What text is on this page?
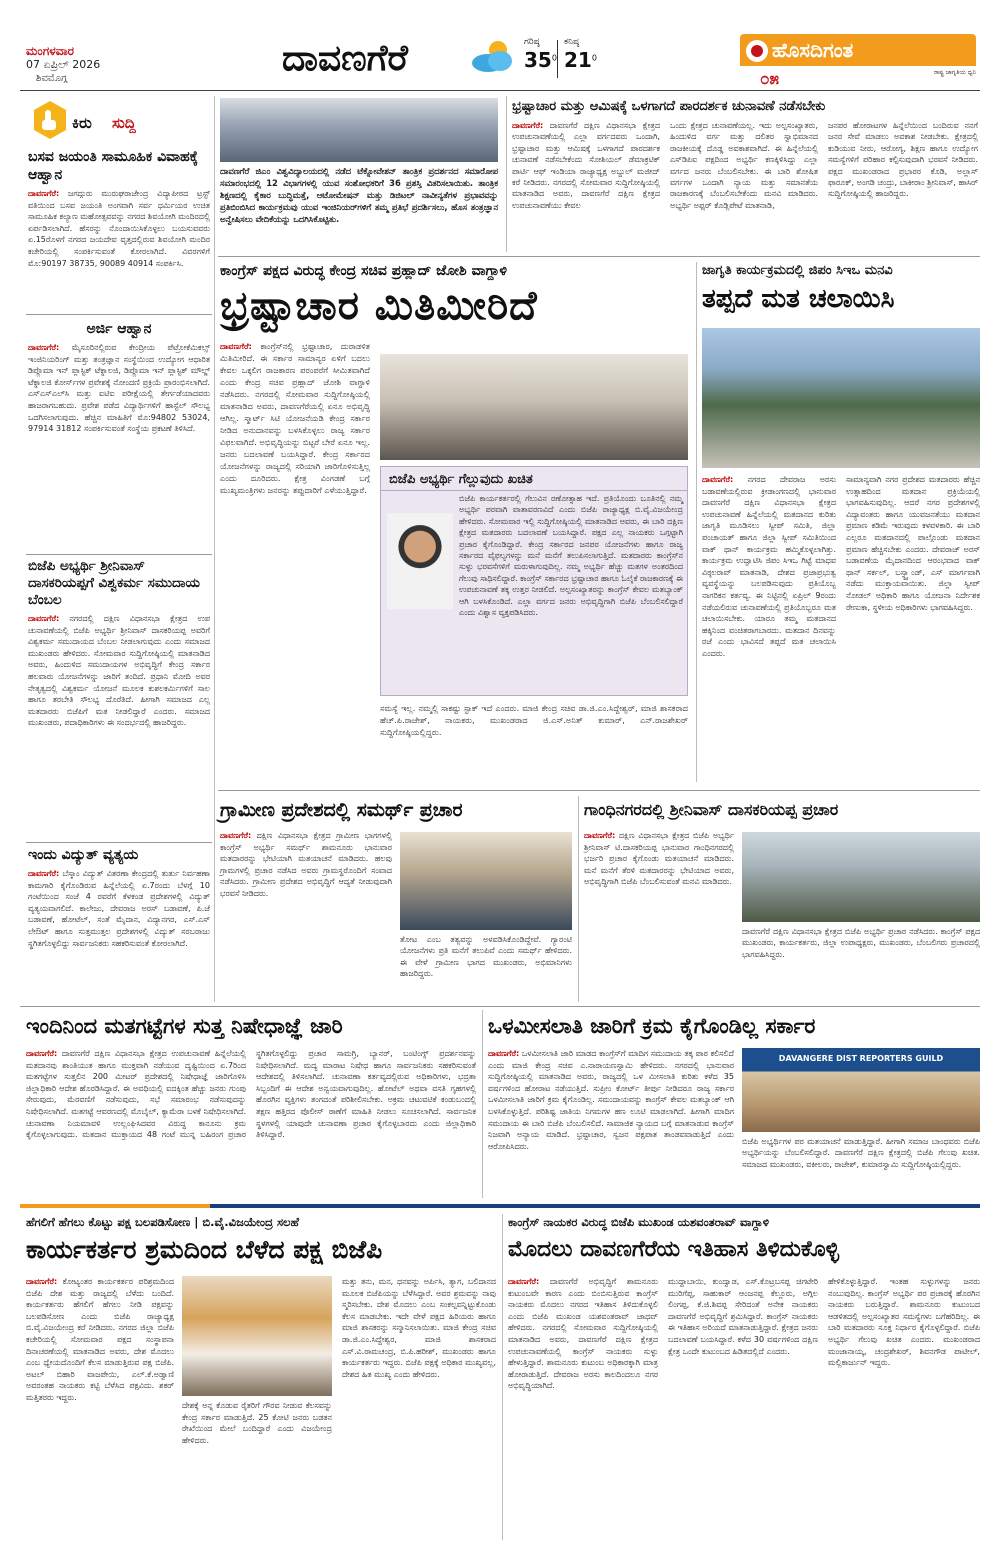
ಮಂಗಳವಾರ
07 ಏಪ್ರಿಲ್ 2026
ಶಿವಮೊಗ್ಗ	ದಾವಣಗೆರೆ	ಗರಿಷ್ಠ
$35^0$
ಕನಿಷ್ಠ
$21^0$	ಹೊಸದಿಗಂತ
ರಾಷ್ಟ್ರ ಜಾಗೃತಿಯ ಧ್ವನಿ
೦೫
ಕಿರು ಸುದ್ದಿ
ಬಸವ ಜಯಂತಿ ಸಾಮೂಹಿಕ ವಿವಾಹಕ್ಕೆ ಆಹ್ವಾನ
ದಾವಣಗೆರೆ: ಜಗದ್ಗುರು ಮುರುಘರಾಜೇಂದ್ರ ವಿದ್ಯಾಪೀಠದ ಟ್ರಸ್ಟ್ ವತಿಯಿಂದ ಬಸವ ಜಯಂತಿ ಅಂಗವಾಗಿ ಸರ್ವ ಧರ್ಮಿಯರ ಉಚಿತ ಸಾಮೂಹಿಕ ಕಲ್ಯಾಣ ಮಹೋತ್ಸವವನ್ನು ನಗರದ ಶಿವಯೋಗಿ ಮಂದಿರದಲ್ಲಿ ಏರ್ಪಡಿಸಲಾಗಿದೆ. ಹೆಸರನ್ನು ನೊಂದಾಯಿಸಿಕೊಳ್ಳಲು ಬಯಸುವವರು ಏ.15ರೊಳಗೆ ನಗರದ ಜಯದೇವ ವೃತ್ತದಲ್ಲಿರುವ ಶಿವಯೋಗಿ ಮಂದಿರ ಕಚೇರಿಯಲ್ಲಿ ಸಂಪರ್ಕಿಸುವಂತೆ ಕೋರಲಾಗಿದೆ. ವಿವರಗಳಿಗೆ ಮೊ:90197 38735, 90089 40914 ಸಂಪರ್ಕಿಸಿ.
ಅರ್ಜಿ ಆಹ್ವಾನ
ದಾವಣಗೆರೆ: ಮೈಸೂರಿನಲ್ಲಿರುವ ಕೇಂದ್ರೀಯ ಪೆಟ್ರೋಕೆಮಿಕಲ್ಸ್ ಇಂಜಿನಿಯರಿಂಗ್ ಮತ್ತು ತಂತ್ರಜ್ಞಾನ ಸಂಸ್ಥೆಯಿಂದ ಉದ್ಯೋಗ ಆಧಾರಿತ ಡಿಪ್ಲೊಮಾ ಇನ್ ಪ್ಲಾಸ್ಟಿಕ್ ಟೆಕ್ನಾಲಜಿ, ಡಿಪ್ಲೊಮಾ ಇನ್ ಪ್ಲಾಸ್ಟಿಕ್ ಮೌಲ್ಡ್ ಟೆಕ್ನಾಲಜಿ ಕೋರ್ಸ್‌ಗಳ ಪ್ರವೇಶಕ್ಕೆ ನೋಂದಣಿ ಪ್ರಕ್ರಿಯೆ ಪ್ರಾರಂಭಿಸಲಾಗಿದೆ. ಎಸ್ಎಸ್ಎಲ್‌ಸಿ ಮತ್ತು ಐಟಿಐ ಪರೀಕ್ಷೆಯಲ್ಲಿ ತೇರ್ಗಡೆಯಾದವರು ಹಾಜರಾಗಬಹುದು. ಪ್ರವೇಶ ಪಡೆದ ವಿದ್ಯಾರ್ಥಿಗಳಿಗೆ ಹಾಸ್ಟೆಲ್ ಸೌಲಭ್ಯ ಒದಗಿಸಲಾಗುವುದು. ಹೆಚ್ಚಿನ ಮಾಹಿತಿಗೆ ಮೊ:94802 53024, 97914 31812 ಸಂಪರ್ಕಿಸುವಂತೆ ಸಂಸ್ಥೆಯ ಪ್ರಕಟಣೆ ತಿಳಿಸಿದೆ.
ಬಿಜೆಪಿ ಅಭ್ಯರ್ಥಿ ಶ್ರೀನಿವಾಸ್ ದಾಸಕರಿಯಪ್ಪಗೆ ವಿಶ್ವಕರ್ಮ ಸಮುದಾಯ ಬೆಂಬಲ
ದಾವಣಗೆರೆ: ನಗರದಲ್ಲಿ ದಕ್ಷಿಣ ವಿಧಾನಸಭಾ ಕ್ಷೇತ್ರದ ಉಪ ಚುನಾವಣೆಯಲ್ಲಿ ಬಿಜೆಪಿ ಅಭ್ಯರ್ಥಿ ಶ್ರೀನಿವಾಸ್ ದಾಸಕರಿಯಪ್ಪ ಅವರಿಗೆ ವಿಶ್ವಕರ್ಮ ಸಮುದಾಯದ ಬೆಂಬಲ ನೀಡಲಾಗುವುದು ಎಂದು ಸಮಾಜದ ಮುಖಂಡರು ಹೇಳಿದರು. ಸೋಮವಾರ ಸುದ್ದಿಗೋಷ್ಠಿಯಲ್ಲಿ ಮಾತನಾಡಿದ ಅವರು, ಹಿಂದುಳಿದ ಸಮುದಾಯಗಳ ಅಭಿವೃದ್ಧಿಗೆ ಕೇಂದ್ರ ಸರ್ಕಾರ ಹಲವಾರು ಯೋಜನೆಗಳನ್ನು ಜಾರಿಗೆ ತಂದಿದೆ. ಪ್ರಧಾನಿ ಮೋದಿ ಅವರ ನೇತೃತ್ವದಲ್ಲಿ ವಿಶ್ವಕರ್ಮ ಯೋಜನೆ ಮೂಲಕ ಕುಶಲಕರ್ಮಿಗಳಿಗೆ ಸಾಲ ಹಾಗೂ ತರಬೇತಿ ಸೌಲಭ್ಯ ದೊರೆತಿದೆ. ಹೀಗಾಗಿ ಸಮಾಜದ ಎಲ್ಲ ಮತದಾರರು ಬಿಜೆಪಿಗೆ ಮತ ನೀಡಲಿದ್ದಾರೆ ಎಂದರು. ಸಮಾಜದ ಮುಖಂಡರು, ಪದಾಧಿಕಾರಿಗಳು ಈ ಸಂದರ್ಭದಲ್ಲಿ ಹಾಜರಿದ್ದರು.
ಇಂದು ವಿದ್ಯುತ್ ವ್ಯತ್ಯಯ
ದಾವಣಗೆರೆ: ಬೆಸ್ಕಾಂ ವಿದ್ಯುತ್ ವಿತರಣಾ ಕೇಂದ್ರದಲ್ಲಿ ತುರ್ತು ನಿರ್ವಹಣಾ ಕಾಮಗಾರಿ ಕೈಗೊಂಡಿರುವ ಹಿನ್ನೆಲೆಯಲ್ಲಿ ಏ.7ರಂದು ಬೆಳಗ್ಗೆ 10 ಗಂಟೆಯಿಂದ ಸಂಜೆ 4 ರವರೆಗೆ ಕೆಳಕಂಡ ಪ್ರದೇಶಗಳಲ್ಲಿ ವಿದ್ಯುತ್ ವ್ಯತ್ಯಯವಾಗಲಿದೆ. ಕಾಲೇಜು, ದೇವರಾಜ ಅರಸ್ ಬಡಾವಣೆ, ಪಿ.ಜೆ ಬಡಾವಣೆ, ಹೋಟೆಲ್, ಸಂತೆ ಮೈದಾನ, ವಿದ್ಯಾನಗರ, ಎಸ್.ಎಸ್ ಲೇಔಟ್ ಹಾಗೂ ಸುತ್ತಮುತ್ತಲ ಪ್ರದೇಶಗಳಲ್ಲಿ ವಿದ್ಯುತ್ ಸರಬರಾಜು ಸ್ಥಗಿತಗೊಳ್ಳಲಿದ್ದು ಸಾರ್ವಜನಿಕರು ಸಹಕರಿಸುವಂತೆ ಕೋರಲಾಗಿದೆ.
ದಾವಣಗೆರೆ ಜಿಎಂ ವಿಶ್ವವಿದ್ಯಾಲಯದಲ್ಲಿ ನಡೆದ ಟೆಕ್ನೋವೇಶನ್ ತಾಂತ್ರಿಕ ಪ್ರದರ್ಶನದ ಸಮಾರೋಪ ಸಮಾರಂಭದಲ್ಲಿ 12 ವಿಭಾಗಗಳಲ್ಲಿ ಯುವ ಸಂಶೋಧಕರಿಗೆ 36 ಪ್ರಶಸ್ತಿ ವಿತರಿಸಲಾಯಿತು. ತಾಂತ್ರಿಕ ಶಿಕ್ಷಣದಲ್ಲಿ ಕೈಕಾರ ಬುದ್ಧಿಮತ್ತೆ, ಆಟೋಮೇಷನ್ ಮತ್ತು ಡಿಜಿಟಲ್ ನಾವೀನ್ಯತೆಗಳ ಪ್ರಭಾವವನ್ನು ಪ್ರತಿಬಿಂಬಿಸಿದ ಕಾರ್ಯಕ್ರಮವು ಯುವ ಇಂಜಿನಿಯರ್‌ಗಳಿಗೆ ತಮ್ಮ ಪ್ರತಿಭೆ ಪ್ರದರ್ಶಿಸಲು, ಹೊಸ ತಂತ್ರಜ್ಞಾನ ಅನ್ವೇಷಿಸಲು ವೇದಿಕೆಯನ್ನು ಒದಗಿಸಿಕೊಟ್ಟಿತು.
ಭ್ರಷ್ಟಾಚಾರ ಮತ್ತು ಆಮಿಷಕ್ಕೆ ಒಳಗಾಗದೆ ಪಾರದರ್ಶಕ ಚುನಾವಣೆ ನಡೆಸಬೇಕು
ದಾವಣಗೆರೆ: ದಾವಣಗೆರೆ ದಕ್ಷಿಣ ವಿಧಾನಸಭಾ ಕ್ಷೇತ್ರದ ಉಪಚುನಾವಣೆಯಲ್ಲಿ ಎಲ್ಲಾ ವರ್ಗದವರು ಒಂದಾಗಿ, ಭ್ರಷ್ಟಾಚಾರ ಮತ್ತು ಆಮಿಷಕ್ಕೆ ಒಳಗಾಗದೆ ಪಾರದರ್ಶಕ ಚುನಾವಣೆ ನಡೆಸಬೇಕೆಂದು ಸೋಶಿಯಲ್ ಡೆಮಾಕ್ರಟಿಕ್ ಪಾರ್ಟಿ ಆಫ್ ಇಂಡಿಯಾ ರಾಜ್ಯಾಧ್ಯಕ್ಷ ಅಬ್ದುಲ್ ಮಜೀದ್ ಕರೆ ನೀಡಿದರು. ನಗರದಲ್ಲಿ ಸೋಮವಾರ ಸುದ್ದಿಗೋಷ್ಠಿಯಲ್ಲಿ ಮಾತನಾಡಿದ ಅವರು, ದಾವಣಗೆರೆ ದಕ್ಷಿಣ ಕ್ಷೇತ್ರದ ಉಪಚುನಾವಣೆಯು ಕೇವಲ
ಒಂದು ಕ್ಷೇತ್ರದ ಚುನಾವಣೆಯಲ್ಲ. ಇದು ಅಲ್ಪಸಂಖ್ಯಾತರು, ಹಿಂದುಳಿದ ವರ್ಗ ಮತ್ತು ದಲಿತರ ಸ್ವಾಭಿಮಾನದ ರಾಜಕೀಯಕ್ಕೆ ದೊಡ್ಡ ಅವಕಾಶವಾಗಿದೆ. ಈ ಹಿನ್ನೆಲೆಯಲ್ಲಿ ಎಸ್‌ಡಿಪಿಐ ಪಕ್ಷದಿಂದ ಅಭ್ಯರ್ಥಿ ಕಣಕ್ಕಿಳಿಸಿದ್ದು ಎಲ್ಲಾ ವರ್ಗದ ಜನರು ಬೆಂಬಲಿಸಬೇಕು. ಈ ಬಾರಿ ಶೋಷಿತ ವರ್ಗಗಳ ಒಂದಾಗಿ ನ್ಯಾಯ ಮತ್ತು ಸಮಾನತೆಯ ರಾಜಕಾರಣಕ್ಕೆ ಬೆಂಬಲಿಸಬೇಕೆಂದು ಮನವಿ ಮಾಡಿದರು. ಅಭ್ಯರ್ಥಿ ಅಫ್ಸರ್ ಕೊಡ್ಲಿಪೇಟೆ ಮಾತನಾಡಿ,
ಜನಪರ ಹೋರಾಟಗಳ ಹಿನ್ನೆಲೆಯಿಂದ ಬಂದಿರುವ ನನಗೆ ಜನರ ಸೇವೆ ಮಾಡಲು ಅವಕಾಶ ನೀಡಬೇಕು. ಕ್ಷೇತ್ರದಲ್ಲಿ ಕುಡಿಯುವ ನೀರು, ಆರೋಗ್ಯ, ಶಿಕ್ಷಣ ಹಾಗೂ ಉದ್ಯೋಗ ಸಮಸ್ಯೆಗಳಿಗೆ ಪರಿಹಾರ ಕಲ್ಪಿಸುವುದಾಗಿ ಭರವಸೆ ನೀಡಿದರು. ಪಕ್ಷದ ಮುಖಂಡರಾದ ಪ್ರಭಾರರ ಕೊಡಿ, ಅಲ್ಲಾಸ್ ಫಾರೂಕ್, ಅಂಗಡಿ ಚಂದ್ರು, ಬಾಕೀರಾಂ ಶ್ರೀನಿವಾಸ್, ಹಾಸಿರ್ ಸುದ್ದಿಗೋಷ್ಠಿಯಲ್ಲಿ ಹಾಜರಿದ್ದರು.
ಕಾಂಗ್ರೆಸ್ ಪಕ್ಷದ ವಿರುದ್ಧ ಕೇಂದ್ರ ಸಚಿವ ಪ್ರಹ್ಲಾದ್ ಜೋಶಿ ವಾಗ್ದಾಳಿ
ಭ್ರಷ್ಟಾಚಾರ ಮಿತಿಮೀರಿದೆ
ದಾವಣಗೆರೆ: ಕಾಂಗ್ರೆಸ್‌ನಲ್ಲಿ ಭ್ರಷ್ಟಾಚಾರ, ದುರಾಡಳಿತ ಮಿತಿಮೀರಿದೆ. ಈ ಸರ್ಕಾರ ಸಾಮಾನ್ಯರ ಏಳಿಗೆ ಬದಲು ಕೇವಲ ಒಕ್ಕಲಿಗ ರಾಜಕಾರಣ ಪರಂಪರೆಗೆ ಸೀಮಿತವಾಗಿದೆ ಎಂದು ಕೇಂದ್ರ ಸಚಿವ ಪ್ರಹ್ಲಾದ್ ಜೋಶಿ ವಾಗ್ದಾಳಿ ನಡೆಸಿದರು. ನಗರದಲ್ಲಿ ಸೋಮವಾರ ಸುದ್ದಿಗೋಷ್ಠಿಯಲ್ಲಿ ಮಾತನಾಡಿದ ಅವರು, ದಾವಣಗೆರೆಯಲ್ಲಿ ಏನೂ ಅಭಿವೃದ್ಧಿ ಆಗಿಲ್ಲ. ಸ್ಮಾರ್ಟ್ ಸಿಟಿ ಯೋಜನೆಯಡಿ ಕೇಂದ್ರ ಸರ್ಕಾರ ನೀಡಿದ ಅನುದಾನವನ್ನು ಬಳಸಿಕೊಳ್ಳಲು ರಾಜ್ಯ ಸರ್ಕಾರ ವಿಫಲವಾಗಿದೆ. ಅಭಿವೃದ್ಧಿಯನ್ನು ಬಿಟ್ಟರೆ ಬೇರೆ ಏನೂ ಇಲ್ಲ. ಜನರು ಬದಲಾವಣೆ ಬಯಸಿದ್ದಾರೆ. ಕೇಂದ್ರ ಸರ್ಕಾರದ ಯೋಜನೆಗಳನ್ನು ರಾಜ್ಯದಲ್ಲಿ ಸರಿಯಾಗಿ ಜಾರಿಗೊಳಿಸುತ್ತಿಲ್ಲ ಎಂದು ದೂರಿದರು. ಕ್ಷೇತ್ರ ವಿಂಗಡಣೆ ಬಗ್ಗೆ ಮುಖ್ಯಮಂತ್ರಿಗಳು ಜನರನ್ನು ತಪ್ಪುದಾರಿಗೆ ಎಳೆಯುತ್ತಿದ್ದಾರೆ.
ಬಿಜೆಪಿ ಅಭ್ಯರ್ಥಿ ಗೆಲ್ಲುವುದು ಖಚಿತ
ಬಿಜೆಪಿ ಕಾರ್ಯಕರ್ತರಲ್ಲಿ ಗೆಲುವಿನ ರಣೋತ್ಸಾಹ ಇದೆ. ಪ್ರತಿಯೊಂದು ಬೂತಿನಲ್ಲಿ ನಮ್ಮ ಅಭ್ಯರ್ಥಿ ಪರವಾಗಿ ವಾತಾವರಣವಿದೆ ಎಂದು ಬಿಜೆಪಿ ರಾಜ್ಯಾಧ್ಯಕ್ಷ ಬಿ.ವೈ.ವಿಜಯೇಂದ್ರ ಹೇಳಿದರು. ಸೋಮವಾರ ಇಲ್ಲಿ ಸುದ್ದಿಗೋಷ್ಠಿಯಲ್ಲಿ ಮಾತನಾಡಿದ ಅವರು, ಈ ಬಾರಿ ದಕ್ಷಿಣ ಕ್ಷೇತ್ರದ ಮತದಾರರು ಬದಲಾವಣೆ ಬಯಸಿದ್ದಾರೆ. ಪಕ್ಷದ ಎಲ್ಲ ನಾಯಕರು ಒಗ್ಗಟ್ಟಾಗಿ ಪ್ರಚಾರ ಕೈಗೊಂಡಿದ್ದಾರೆ. ಕೇಂದ್ರ ಸರ್ಕಾರದ ಜನಪರ ಯೋಜನೆಗಳು ಹಾಗೂ ರಾಜ್ಯ ಸರ್ಕಾರದ ವೈಫಲ್ಯಗಳನ್ನು ಮನೆ ಮನೆಗೆ ತಲುಪಿಸಲಾಗುತ್ತಿದೆ. ಮತದಾರರು ಕಾಂಗ್ರೆಸ್‌ನ ಸುಳ್ಳು ಭರವಸೆಗಳಿಗೆ ಮರುಳಾಗುವುದಿಲ್ಲ. ನಮ್ಮ ಅಭ್ಯರ್ಥಿ ಹೆಚ್ಚು ಮತಗಳ ಅಂತರದಿಂದ ಗೆಲುವು ಸಾಧಿಸಲಿದ್ದಾರೆ. ಕಾಂಗ್ರೆಸ್ ಸರ್ಕಾರದ ಭ್ರಷ್ಟಾಚಾರ ಹಾಗೂ ಓಲೈಕೆ ರಾಜಕಾರಣಕ್ಕೆ ಈ ಉಪಚುನಾವಣೆ ತಕ್ಕ ಉತ್ತರ ನೀಡಲಿದೆ. ಅಲ್ಪಸಂಖ್ಯಾತರನ್ನು ಕಾಂಗ್ರೆಸ್ ಕೇವಲ ಮತಬ್ಯಾಂಕ್ ಆಗಿ ಬಳಸಿಕೊಂಡಿದೆ. ಎಲ್ಲಾ ವರ್ಗದ ಜನರು ಅಭಿವೃದ್ಧಿಗಾಗಿ ಬಿಜೆಪಿ ಬೆಂಬಲಿಸಲಿದ್ದಾರೆ ಎಂದು ವಿಶ್ವಾಸ ವ್ಯಕ್ತಪಡಿಸಿದರು.
ಸಮಸ್ಯೆ ಇಲ್ಲ. ನಮ್ಮಲ್ಲಿ ಸಾಕಷ್ಟು ಸ್ಟಾಕ್ ಇದೆ ಎಂದರು. ಮಾಜಿ ಕೇಂದ್ರ ಸಚಿವ ಡಾ.ಜಿ.ಎಂ.ಸಿದ್ದೇಶ್ವರ್, ಮಾಜಿ ಶಾಸಕರಾದ ಹೆಚ್.ಪಿ.ರಾಜೇಶ್, ನಾಯಕರು, ಮುಖಂಡರಾದ ಜಿ.ಎಸ್.ಅನಿತ್ ಕುಮಾರ್, ಎನ್.ರಾಜಶೇಖರ್ ಸುದ್ದಿಗೋಷ್ಠಿಯಲ್ಲಿದ್ದರು.
ಜಾಗೃತಿ ಕಾರ್ಯಕ್ರಮದಲ್ಲಿ ಜಿಪಂ ಸಿಇಒ ಮನವಿ
ತಪ್ಪದೆ ಮತ ಚಲಾಯಿಸಿ
ದಾವಣಗೆರೆ: ನಗರದ ದೇವರಾಜ ಅರಸು ಬಡಾವಣೆಯಲ್ಲಿರುವ ಕ್ರೀಡಾಂಗಣದಲ್ಲಿ ಭಾನುವಾರ ದಾವಣಗೆರೆ ದಕ್ಷಿಣ ವಿಧಾನಸಭಾ ಕ್ಷೇತ್ರದ ಉಪಚುನಾವಣೆ ಹಿನ್ನೆಲೆಯಲ್ಲಿ ಮತದಾನದ ಕುರಿತು ಜಾಗೃತಿ ಮೂಡಿಸಲು ಸ್ವೀಪ್ ಸಮಿತಿ, ಜಿಲ್ಲಾ ಪಂಚಾಯತ್ ಹಾಗೂ ಜಿಲ್ಲಾ ಸ್ವೀಪ್ ಸಮಿತಿಯಿಂದ ವಾಕ್ ಥಾನ್ ಕಾರ್ಯಕ್ರಮ ಹಮ್ಮಿಕೊಳ್ಳಲಾಗಿತ್ತು. ಕಾರ್ಯಕ್ರಮ ಉದ್ಘಾಟಿಸಿ ಜಿಪಂ ಸಿಇಒ ಗಿಟ್ಟೆ ಮಾಧವ ವಿಠ್ಠಲರಾವ್ ಮಾತನಾಡಿ, ದೇಶದ ಪ್ರಜಾಪ್ರಭುತ್ವ ವ್ಯವಸ್ಥೆಯನ್ನು ಬಲಪಡಿಸುವುದು ಪ್ರತಿಯೊಬ್ಬ ನಾಗರಿಕನ ಕರ್ತವ್ಯ. ಈ ನಿಟ್ಟಿನಲ್ಲಿ ಏಪ್ರಿಲ್ 9ರಂದು ನಡೆಯಲಿರುವ ಚುನಾವಣೆಯಲ್ಲಿ ಪ್ರತಿಯೊಬ್ಬರೂ ಮತ ಚಲಾಯಿಸಬೇಕು. ಯಾರೂ ತಮ್ಮ ಮತದಾನದ ಹಕ್ಕಿನಿಂದ ವಂಚಿತರಾಗಬಾರದು. ಮತದಾನ ದಿನವನ್ನು ರಜೆ ಎಂದು ಭಾವಿಸದೆ ತಪ್ಪದೆ ಮತ ಚಲಾಯಿಸಿ ಎಂದರು.
ಸಾಮಾನ್ಯವಾಗಿ ನಗರ ಪ್ರದೇಶದ ಮತದಾರರು ಹೆಚ್ಚಿನ ಉತ್ಸಾಹದಿಂದ ಮತದಾನ ಪ್ರಕ್ರಿಯೆಯಲ್ಲಿ ಭಾಗವಹಿಸುವುದಿಲ್ಲ. ಆದರೆ ನಗರ ಪ್ರದೇಶಗಳಲ್ಲಿ ವಿದ್ಯಾವಂತರು ಹಾಗೂ ಯುವಜನತೆಯು ಮತದಾನ ಪ್ರಮಾಣ ಕಡಿಮೆ ಇರುವುದು ಕಳವಳಕಾರಿ. ಈ ಬಾರಿ ಎಲ್ಲರೂ ಮತದಾನದಲ್ಲಿ ಪಾಲ್ಗೊಂಡು ಮತದಾನ ಪ್ರಮಾಣ ಹೆಚ್ಚಿಸಬೇಕು ಎಂದರು. ದೇವರಾಜ್ ಅರಸ್ ಬಡಾವಣೆಯ ಮೈದಾನದಿಂದ ಆರಂಭವಾದ ವಾಕ್ ಥಾನ್ ಸರ್ಕಲ್, ಬಸ್ಸ್ಟ್ಯಾಂಡ್, ಎಸ್ ಮಾರ್ಗವಾಗಿ ನಡೆದು ಮುಕ್ತಾಯವಾಯಿತು. ಜಿಲ್ಲಾ ಸ್ವೀಪ್ ನೋಡಲ್ ಅಧಿಕಾರಿ ಹಾಗೂ ಯೋಜನಾ ನಿರ್ದೇಶಕ ರೇಣುಕಾ, ಸ್ಥಳೀಯ ಅಧಿಕಾರಿಗಳು ಭಾಗವಹಿಸಿದ್ದರು.
ಗ್ರಾಮೀಣ ಪ್ರದೇಶದಲ್ಲಿ ಸಮರ್ಥ್ ಪ್ರಚಾರ
ದಾವಣಗೆರೆ: ದಕ್ಷಿಣ ವಿಧಾನಸಭಾ ಕ್ಷೇತ್ರದ ಗ್ರಾಮೀಣ ಭಾಗಗಳಲ್ಲಿ ಕಾಂಗ್ರೆಸ್ ಅಭ್ಯರ್ಥಿ ಸಮರ್ಥ್ ಶಾಮನೂರು ಭಾನುವಾರ ಮತದಾರರನ್ನು ಭೇಟಿಯಾಗಿ ಮತಯಾಚನೆ ಮಾಡಿದರು. ಹಲವು ಗ್ರಾಮಗಳಲ್ಲಿ ಪ್ರಚಾರ ನಡೆಸಿದ ಅವರು ಗ್ರಾಮಸ್ಥರೊಂದಿಗೆ ಸಂವಾದ ನಡೆಸಿದರು. ಗ್ರಾಮೀಣ ಪ್ರದೇಶದ ಅಭಿವೃದ್ಧಿಗೆ ಆದ್ಯತೆ ನೀಡುವುದಾಗಿ ಭರವಸೆ ನೀಡಿದರು.
ತೋಟ ಎಂಬ ತತ್ವವನ್ನು ಅಳವಡಿಸಿಕೊಂಡಿದ್ದೇವೆ. ಗ್ಯಾರಂಟಿ ಯೋಜನೆಗಳು ಪ್ರತಿ ಮನೆಗೆ ತಲುಪಿವೆ ಎಂದು ಸಮರ್ಥ್ ಹೇಳಿದರು. ಈ ವೇಳೆ ಗ್ರಾಮೀಣ ಭಾಗದ ಮುಖಂಡರು, ಅಭಿಮಾನಿಗಳು ಹಾಜರಿದ್ದರು.
ಗಾಂಧಿನಗರದಲ್ಲಿ ಶ್ರೀನಿವಾಸ್ ದಾಸಕರಿಯಪ್ಪ ಪ್ರಚಾರ
ದಾವಣಗೆರೆ: ದಕ್ಷಿಣ ವಿಧಾನಸಭಾ ಕ್ಷೇತ್ರದ ಬಿಜೆಪಿ ಅಭ್ಯರ್ಥಿ ಶ್ರೀನಿವಾಸ್ ಟಿ.ದಾಸಕರಿಯಪ್ಪ ಭಾನುವಾರ ಗಾಂಧಿನಗರದಲ್ಲಿ ಭರ್ಜರಿ ಪ್ರಚಾರ ಕೈಗೊಂಡು ಮತಯಾಚನೆ ಮಾಡಿದರು. ಮನೆ ಮನೆಗೆ ತೆರಳಿ ಮತದಾರರನ್ನು ಭೇಟಿಯಾದ ಅವರು, ಅಭಿವೃದ್ಧಿಗಾಗಿ ಬಿಜೆಪಿ ಬೆಂಬಲಿಸುವಂತೆ ಮನವಿ ಮಾಡಿದರು.
ದಾವಣಗೆರೆ ದಕ್ಷಿಣ ವಿಧಾನಸಭಾ ಕ್ಷೇತ್ರದ ಬಿಜೆಪಿ ಅಭ್ಯರ್ಥಿ ಪ್ರಚಾರ ನಡೆಸಿದರು. ಕಾಂಗ್ರೆಸ್ ಪಕ್ಷದ ಮುಖಂಡರು, ಕಾರ್ಯಕರ್ತರು, ಜಿಲ್ಲಾ ಉಪಾಧ್ಯಕ್ಷರು, ಮುಖಂಡರು, ಬೆಂಬಲಿಗರು ಪ್ರಚಾರದಲ್ಲಿ ಭಾಗವಹಿಸಿದ್ದರು.
ಇಂದಿನಿಂದ ಮತಗಟ್ಟೆಗಳ ಸುತ್ತ ನಿಷೇಧಾಜ್ಞೆ ಜಾರಿ
ದಾವಣಗೆರೆ: ದಾವಣಗೆರೆ ದಕ್ಷಿಣ ವಿಧಾನಸಭಾ ಕ್ಷೇತ್ರದ ಉಪಚುನಾವಣೆ ಹಿನ್ನೆಲೆಯಲ್ಲಿ ಮತದಾನವು ಶಾಂತಿಯುತ ಹಾಗೂ ಮುಕ್ತವಾಗಿ ನಡೆಯುವ ದೃಷ್ಟಿಯಿಂದ ಏ.7ರಿಂದ ಮತಗಟ್ಟೆಗಳ ಸುತ್ತಲಿನ 200 ಮೀಟರ್ ಪ್ರದೇಶದಲ್ಲಿ ನಿಷೇಧಾಜ್ಞೆ ಜಾರಿಗೊಳಿಸಿ ಜಿಲ್ಲಾಧಿಕಾರಿ ಆದೇಶ ಹೊರಡಿಸಿದ್ದಾರೆ. ಈ ಅವಧಿಯಲ್ಲಿ ಐದಕ್ಕಿಂತ ಹೆಚ್ಚು ಜನರು ಗುಂಪು ಸೇರುವುದು, ಮೆರವಣಿಗೆ ನಡೆಸುವುದು, ಸಭೆ ಸಮಾರಂಭ ನಡೆಸುವುದನ್ನು ನಿಷೇಧಿಸಲಾಗಿದೆ. ಮತಗಟ್ಟೆ ಆವರಣದಲ್ಲಿ ಮೊಬೈಲ್, ಕ್ಯಾಮೆರಾ ಬಳಕೆ ನಿಷೇಧಿಸಲಾಗಿದೆ. ಚುನಾವಣಾ ನಿಯಮಾವಳಿ ಉಲ್ಲಂಘಿಸಿದವರ ವಿರುದ್ಧ ಕಾನೂನು ಕ್ರಮ ಕೈಗೊಳ್ಳಲಾಗುವುದು. ಮತದಾನ ಮುಕ್ತಾಯದ 48 ಗಂಟೆ ಮುನ್ನ ಬಹಿರಂಗ ಪ್ರಚಾರ ಸ್ಥಗಿತಗೊಳ್ಳಲಿದ್ದು ಪ್ರಚಾರ ಸಾಮಗ್ರಿ, ಬ್ಯಾನರ್, ಬಂಟಿಂಗ್ಸ್ ಪ್ರದರ್ಶನವನ್ನು ನಿಷೇಧಿಸಲಾಗಿದೆ. ಮದ್ಯ ಮಾರಾಟ ನಿಷೇಧ ಹಾಗೂ ಸಾರ್ವಜನಿಕರು ಸಹಕರಿಸುವಂತೆ ಆದೇಶದಲ್ಲಿ ತಿಳಿಸಲಾಗಿದೆ. ಚುನಾವಣಾ ಕರ್ತವ್ಯದಲ್ಲಿರುವ ಅಧಿಕಾರಿಗಳು, ಭದ್ರತಾ ಸಿಬ್ಬಂದಿಗೆ ಈ ಆದೇಶ ಅನ್ವಯವಾಗುವುದಿಲ್ಲ. ಹೋಟೆಲ್ ಅಥವಾ ವಸತಿ ಗೃಹಗಳಲ್ಲಿ ಹೊರಗಿನ ವ್ಯಕ್ತಿಗಳು ತಂಗದಂತೆ ಪರಿಶೀಲಿಸಬೇಕು. ಅಕ್ರಮ ಚಟುವಟಿಕೆ ಕಂಡುಬಂದಲ್ಲಿ ತಕ್ಷಣ ಹತ್ತಿರದ ಪೊಲೀಸ್ ಠಾಣೆಗೆ ಮಾಹಿತಿ ನೀಡಲು ಸೂಚಿಸಲಾಗಿದೆ. ಸಾರ್ವಜನಿಕ ಸ್ಥಳಗಳಲ್ಲಿ ಯಾವುದೇ ಚುನಾವಣಾ ಪ್ರಚಾರ ಕೈಗೊಳ್ಳಬಾರದು ಎಂದು ಜಿಲ್ಲಾಧಿಕಾರಿ ತಿಳಿಸಿದ್ದಾರೆ.
ಒಳಮೀಸಲಾತಿ ಜಾರಿಗೆ ಕ್ರಮ ಕೈಗೊಂಡಿಲ್ಲ ಸರ್ಕಾರ
ದಾವಣಗೆರೆ: ಒಳಮೀಸಲಾತಿ ಜಾರಿ ಮಾಡದ ಕಾಂಗ್ರೆಸ್‌ಗೆ ಮಾದಿಗ ಸಮುದಾಯ ತಕ್ಕ ಪಾಠ ಕಲಿಸಲಿದೆ ಎಂದು ಮಾಜಿ ಕೇಂದ್ರ ಸಚಿವ ಎ.ನಾರಾಯಣಸ್ವಾಮಿ ಹೇಳಿದರು. ನಗರದಲ್ಲಿ ಭಾನುವಾರ ಸುದ್ದಿಗೋಷ್ಠಿಯಲ್ಲಿ ಮಾತನಾಡಿದ ಅವರು, ರಾಜ್ಯದಲ್ಲಿ ಒಳ ಮೀಸಲಾತಿ ಕುರಿತು ಕಳೆದ 35 ವರ್ಷಗಳಿಂದ ಹೋರಾಟ ನಡೆಯುತ್ತಿದೆ. ಸುಪ್ರೀಂ ಕೋರ್ಟ್ ತೀರ್ಪು ನೀಡಿದರೂ ರಾಜ್ಯ ಸರ್ಕಾರ ಒಳಮೀಸಲಾತಿ ಜಾರಿಗೆ ಕ್ರಮ ಕೈಗೊಂಡಿಲ್ಲ. ಸಮುದಾಯವನ್ನು ಕಾಂಗ್ರೆಸ್ ಕೇವಲ ಮತಬ್ಯಾಂಕ್ ಆಗಿ ಬಳಸಿಕೊಳ್ಳುತ್ತಿದೆ. ಪರಿಶಿಷ್ಟ ಜಾತಿಯ ನಿಗಮಗಳ ಹಣ ಲೂಟಿ ಮಾಡಲಾಗಿದೆ. ಹೀಗಾಗಿ ಮಾದಿಗ ಸಮುದಾಯ ಈ ಬಾರಿ ಬಿಜೆಪಿ ಬೆಂಬಲಿಸಲಿದೆ. ಸಾಮಾಜಿಕ ನ್ಯಾಯದ ಬಗ್ಗೆ ಮಾತನಾಡುವ ಕಾಂಗ್ರೆಸ್ ನಿಜವಾಗಿ ಅನ್ಯಾಯ ಮಾಡಿದೆ. ಭ್ರಷ್ಟಾಚಾರ, ಸ್ವಜನ ಪಕ್ಷಪಾತ ತಾಂಡವವಾಡುತ್ತಿದೆ ಎಂದು ಆರೋಪಿಸಿದರು.
DAVANGERE DIST REPORTERS GUILD
ಬಿಜೆಪಿ ಅಭ್ಯರ್ಥಿಗಳ ಪರ ಮತಯಾಚನೆ ಮಾಡುತ್ತಿದ್ದಾರೆ. ಹೀಗಾಗಿ ಸಮಾಜ ಬಾಂಧವರು ಬಿಜೆಪಿ ಅಭ್ಯರ್ಥಿಯನ್ನು ಬೆಂಬಲಿಸಲಿದ್ದಾರೆ. ದಾವಣಗೆರೆ ದಕ್ಷಿಣ ಕ್ಷೇತ್ರದಲ್ಲಿ ಬಿಜೆಪಿ ಗೆಲುವು ಖಚಿತ. ಸಮಾಜದ ಮುಖಂಡರು, ವಕೀಲರು, ರಾಜೇಶ್, ಕುಮಾರಸ್ವಾಮಿ ಸುದ್ದಿಗೋಷ್ಠಿಯಲ್ಲಿದ್ದರು.
ಹೆಗಲಿಗೆ ಹೆಗಲು ಕೊಟ್ಟು ಪಕ್ಷ ಬಲಪಡಿಸೋಣ | ಬಿ.ವೈ.ವಿಜಯೇಂದ್ರ ಸಲಹೆ
ಕಾರ್ಯಕರ್ತರ ಶ್ರಮದಿಂದ ಬೆಳೆದ ಪಕ್ಷ ಬಿಜೆಪಿ
ದಾವಣಗೆರೆ: ಕೋಟ್ಯಂತರ ಕಾರ್ಯಕರ್ತರ ಪರಿಶ್ರಮದಿಂದ ಬಿಜೆಪಿ ದೇಶ ಮತ್ತು ರಾಜ್ಯದಲ್ಲಿ ಬೆಳೆದು ಬಂದಿದೆ. ಕಾರ್ಯಕರ್ತರು ಹೆಗಲಿಗೆ ಹೆಗಲು ನೀಡಿ ಪಕ್ಷವನ್ನು ಬಲಪಡಿಸೋಣ ಎಂದು ಬಿಜೆಪಿ ರಾಜ್ಯಾಧ್ಯಕ್ಷ ಬಿ.ವೈ.ವಿಜಯೇಂದ್ರ ಕರೆ ನೀಡಿದರು. ನಗರದ ಜಿಲ್ಲಾ ಬಿಜೆಪಿ ಕಚೇರಿಯಲ್ಲಿ ಸೋಮವಾರ ಪಕ್ಷದ ಸಂಸ್ಥಾಪನಾ ದಿನಾಚರಣೆಯಲ್ಲಿ ಮಾತನಾಡಿದ ಅವರು, ದೇಶ ಮೊದಲು ಎಂಬ ಧ್ಯೇಯದೊಂದಿಗೆ ಕೆಲಸ ಮಾಡುತ್ತಿರುವ ಪಕ್ಷ ಬಿಜೆಪಿ. ಅಟಲ್ ಬಿಹಾರಿ ವಾಜಪೇಯಿ, ಎಲ್.ಕೆ.ಅಡ್ವಾಣಿ ಅವರಂತಹ ನಾಯಕರು ಕಟ್ಟಿ ಬೆಳೆಸಿದ ಪಕ್ಷವಿದು. ಶಕರ್ ಮತ್ತಿತರರು ಇದ್ದರು.
ದೇಶಕ್ಕೆ ಅನ್ನ ಕೊಡುವ ರೈತರಿಗೆ ಗೌರವ ನೀಡುವ ಕೆಲಸವನ್ನು ಕೇಂದ್ರ ಸರ್ಕಾರ ಮಾಡುತ್ತಿದೆ. 25 ಕೋಟಿ ಜನರು ಬಡತನ ರೇಖೆಯಿಂದ ಮೇಲೆ ಬಂದಿದ್ದಾರೆ ಎಂದು ವಿಜಯೇಂದ್ರ ಹೇಳಿದರು.
ಮತ್ತು ತನು, ಮನ, ಧನವನ್ನು ಅರ್ಪಿಸಿ, ತ್ಯಾಗ, ಬಲಿದಾನದ ಮೂಲಕ ಬಿಜೆಪಿಯನ್ನು ಬೆಳೆಸಿದ್ದಾರೆ. ಅವರ ಶ್ರಮವನ್ನು ನಾವು ಸ್ಮರಿಸಬೇಕು. ದೇಶ ಮೊದಲು ಎಂಬ ಸಂಕಲ್ಪವನ್ನಿಟ್ಟುಕೊಂಡು ಕೆಲಸ ಮಾಡಬೇಕು. ಇದೇ ವೇಳೆ ಪಕ್ಷದ ಹಿರಿಯರು ಹಾಗೂ ಮಾಜಿ ಶಾಸಕರನ್ನು ಸನ್ಮಾನಿಸಲಾಯಿತು. ಮಾಜಿ ಕೇಂದ್ರ ಸಚಿವ ಡಾ.ಜಿ.ಎಂ.ಸಿದ್ದೇಶ್ವರ, ಮಾಜಿ ಶಾಸಕರಾದ ಎಸ್.ವಿ.ರಾಮಚಂದ್ರ, ಬಿ.ಪಿ.ಹರೀಶ್, ಮುಖಂಡರು ಹಾಗೂ ಕಾರ್ಯಕರ್ತರು ಇದ್ದರು. ಬಿಜೆಪಿ ಪಕ್ಷಕ್ಕೆ ಅಧಿಕಾರ ಮುಖ್ಯವಲ್ಲ, ದೇಶದ ಹಿತ ಮುಖ್ಯ ಎಂದು ಹೇಳಿದರು.
ಕಾಂಗ್ರೆಸ್ ನಾಯಕರ ವಿರುದ್ಧ ಬಿಜೆಪಿ ಮುಖಂಡ ಯಶವಂತರಾವ್ ವಾಗ್ದಾಳಿ
ಮೊದಲು ದಾವಣಗೆರೆಯ ಇತಿಹಾಸ ತಿಳಿದುಕೊಳ್ಳಿ
ದಾವಣಗೆರೆ: ದಾವಣಗೆರೆ ಅಭಿವೃದ್ಧಿಗೆ ಶಾಮನೂರು ಕುಟುಂಬವೇ ಕಾರಣ ಎಂದು ಬಿಂಬಿಸುತ್ತಿರುವ ಕಾಂಗ್ರೆಸ್ ನಾಯಕರು ಮೊದಲು ನಗರದ ಇತಿಹಾಸ ತಿಳಿದುಕೊಳ್ಳಲಿ ಎಂದು ಬಿಜೆಪಿ ಮುಖಂಡ ಯಶವಂತರಾವ್ ಜಾಧವ್ ಹೇಳಿದರು. ನಗರದಲ್ಲಿ ಸೋಮವಾರ ಸುದ್ದಿಗೋಷ್ಠಿಯಲ್ಲಿ ಮಾತನಾಡಿದ ಅವರು, ದಾವಣಗೆರೆ ದಕ್ಷಿಣ ಕ್ಷೇತ್ರದ ಉಪಚುನಾವಣೆಯಲ್ಲಿ ಕಾಂಗ್ರೆಸ್ ನಾಯಕರು ಸುಳ್ಳು ಹೇಳುತ್ತಿದ್ದಾರೆ. ಶಾಮನೂರು ಕುಟುಂಬ ಅಧಿಕಾರಕ್ಕಾಗಿ ಮಾತ್ರ ಹೋರಾಡುತ್ತಿದೆ. ದೇವರಾಜ ಅರಸು ಕಾಲದಿಂದಲೂ ನಗರ ಅಭಿವೃದ್ಧಿಯಾಗಿದೆ.
ಮುದ್ದಾಬಾಯಿ, ಕುಂದ್ವಾಡ, ಎಸ್.ಕೊಟ್ರಬಸಪ್ಪ ಚಿಗಟೇರಿ ಮುರಿಗೆಪ್ಪ, ಸಾಹುಕಾರ್ ಆಂಜನಪ್ಪ ಕೆಲ್ಲೂರು, ಅಗ್ಗಿಲ ಲಿಂಗಪ್ಪ, ಕೆ.ಜಿ.ಶಿವಪ್ಪ ಸೇರಿದಂತೆ ಅನೇಕ ನಾಯಕರು ದಾವಣಗೆರೆ ಅಭಿವೃದ್ಧಿಗೆ ಶ್ರಮಿಸಿದ್ದಾರೆ. ಕಾಂಗ್ರೆಸ್ ನಾಯಕರು ಈ ಇತಿಹಾಸ ಅರಿಯದೆ ಮಾತನಾಡುತ್ತಿದ್ದಾರೆ. ಕ್ಷೇತ್ರದ ಜನರು ಬದಲಾವಣೆ ಬಯಸಿದ್ದಾರೆ. ಕಳೆದ 30 ವರ್ಷಗಳಿಂದ ದಕ್ಷಿಣ ಕ್ಷೇತ್ರ ಒಂದೇ ಕುಟುಂಬದ ಹಿಡಿತದಲ್ಲಿದೆ ಎಂದರು.
ಹೇಳಿಕೊಳ್ಳುತ್ತಿದ್ದಾರೆ. ಇಂತಹ ಸುಳ್ಳುಗಳನ್ನು ಜನರು ನಂಬುವುದಿಲ್ಲ. ಕಾಂಗ್ರೆಸ್ ಅಭ್ಯರ್ಥಿ ಪರ ಪ್ರಚಾರಕ್ಕೆ ಹೊರಗಿನ ನಾಯಕರು ಬರುತ್ತಿದ್ದಾರೆ. ಶಾಮನೂರು ಕುಟುಂಬದ ಆಡಳಿತದಲ್ಲಿ ಅಲ್ಪಸಂಖ್ಯಾತರ ಸಮಸ್ಯೆಗಳು ಬಗೆಹರಿದಿಲ್ಲ. ಈ ಬಾರಿ ಮತದಾರರು ಸೂಕ್ತ ನಿರ್ಧಾರ ಕೈಗೊಳ್ಳಲಿದ್ದಾರೆ. ಬಿಜೆಪಿ ಅಭ್ಯರ್ಥಿ ಗೆಲುವು ಖಚಿತ ಎಂದರು. ಮುಖಂಡರಾದ ಮಂಜಾನಾಯ್ಕ, ಚಂದ್ರಶೇಖರ್, ಶಿವನಗೌಡ ಪಾಟೀಲ್, ಮಲ್ಲಿಕಾರ್ಜುನ್ ಇದ್ದರು.
